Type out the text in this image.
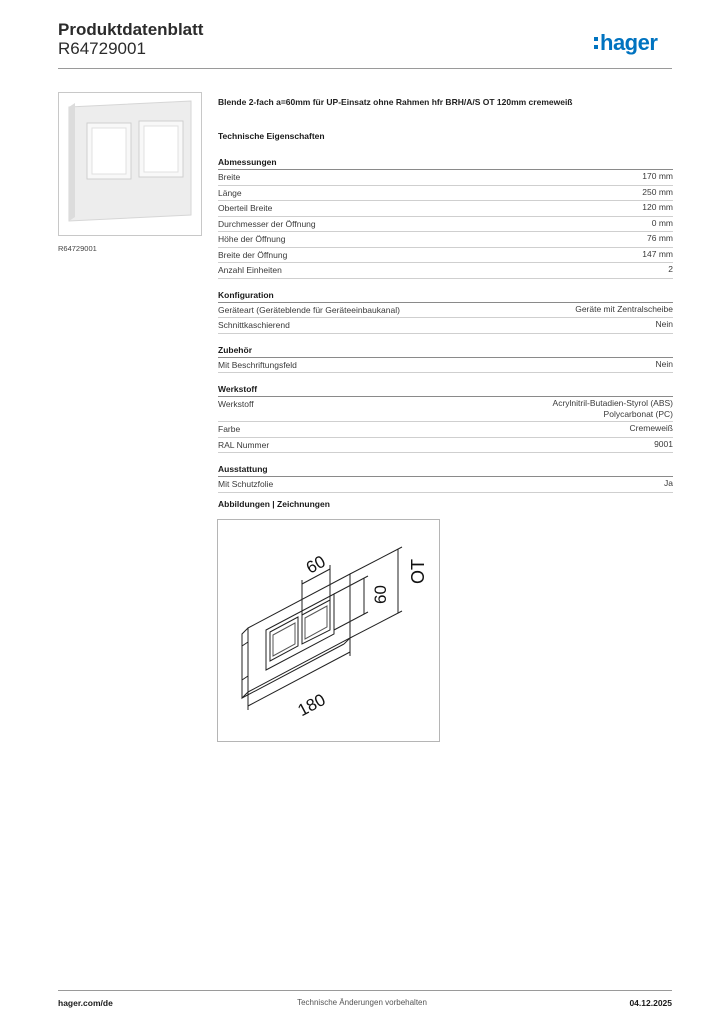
Produktdatenblatt
R64729001	hager
R64729001
Blende 2-fach a=60mm für UP-Einsatz ohne Rahmen hfr BRH/A/S OT 120mm cremeweiß
Technische Eigenschaften
Abmessungen
Breite	170 mm
Länge	250 mm
Oberteil Breite	120 mm
Durchmesser der Öffnung	0 mm
Höhe der Öffnung	76 mm
Breite der Öffnung	147 mm
Anzahl Einheiten	2
Konfiguration
Geräteart (Geräteblende für Geräteeinbaukanal)	Geräte mit Zentralscheibe
Schnittkaschierend	Nein
Zubehör
Mit Beschriftungsfeld	Nein
Werkstoff
Werkstoff	Acrylnitril-Butadien-Styrol (ABS)
Polycarbonat (PC)
Farbe	Cremeweiß
RAL Nummer	9001
Ausstattung
Mit Schutzfolie	Ja
Abbildungen | Zeichnungen
60
60
OT
180
hager.com/de	Technische Änderungen vorbehalten	04.12.2025
